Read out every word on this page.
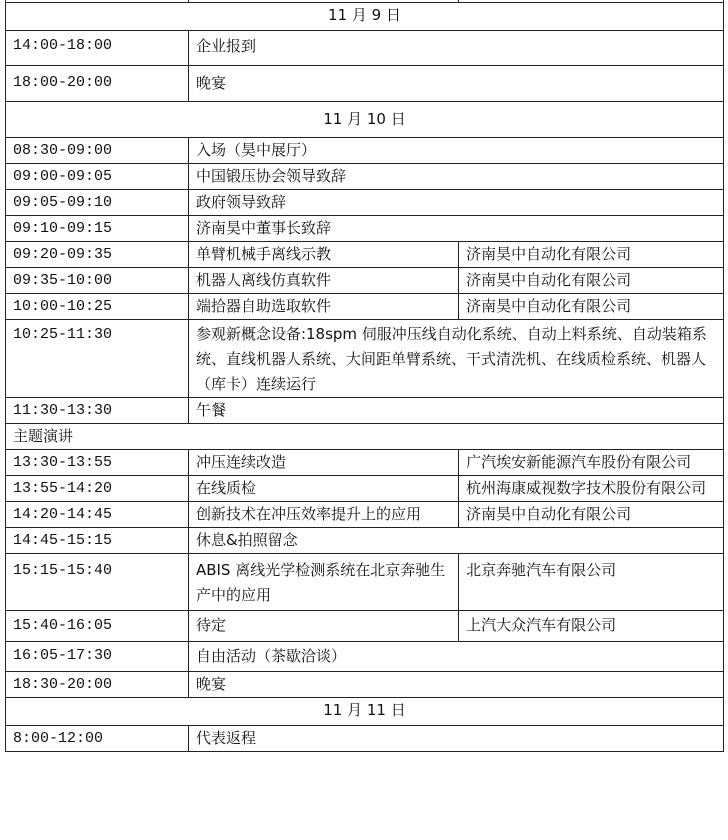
11 月 9 日		
14:00-18:00	企业报到	
18:00-20:00	晚宴	
11 月 10 日		
08:30-09:00	入场（昊中展厅）	
09:00-09:05	中国锻压协会领导致辞	
09:05-09:10	政府领导致辞	
09:10-09:15	济南昊中董事长致辞	
09:20-09:35	单臂机械手离线示教	济南昊中自动化有限公司
09:35-10:00	机器人离线仿真软件	济南昊中自动化有限公司
10:00-10:25	端拾器自助选取软件	济南昊中自动化有限公司
10:25-11:30	参观新概念设备:18spm 伺服冲压线自动化系统、自动上料系统、自动装箱系统、直线机器人系统、大间距单臂系统、干式清洗机、在线质检系统、机器人（库卡）连续运行	
11:30-13:30	午餐	
主题演讲		
13:30-13:55	冲压连续改造	广汽埃安新能源汽车股份有限公司
13:55-14:20	在线质检	杭州海康威视数字技术股份有限公司
14:20-14:45	创新技术在冲压效率提升上的应用	济南昊中自动化有限公司
14:45-15:15	休息&拍照留念	
15:15-15:40	ABIS 离线光学检测系统在北京奔驰生产中的应用	北京奔驰汽车有限公司
15:40-16:05	待定	上汽大众汽车有限公司
16:05-17:30	自由活动（茶歇洽谈）	
18:30-20:00	晚宴	
11 月 11 日		
8:00-12:00	代表返程	
